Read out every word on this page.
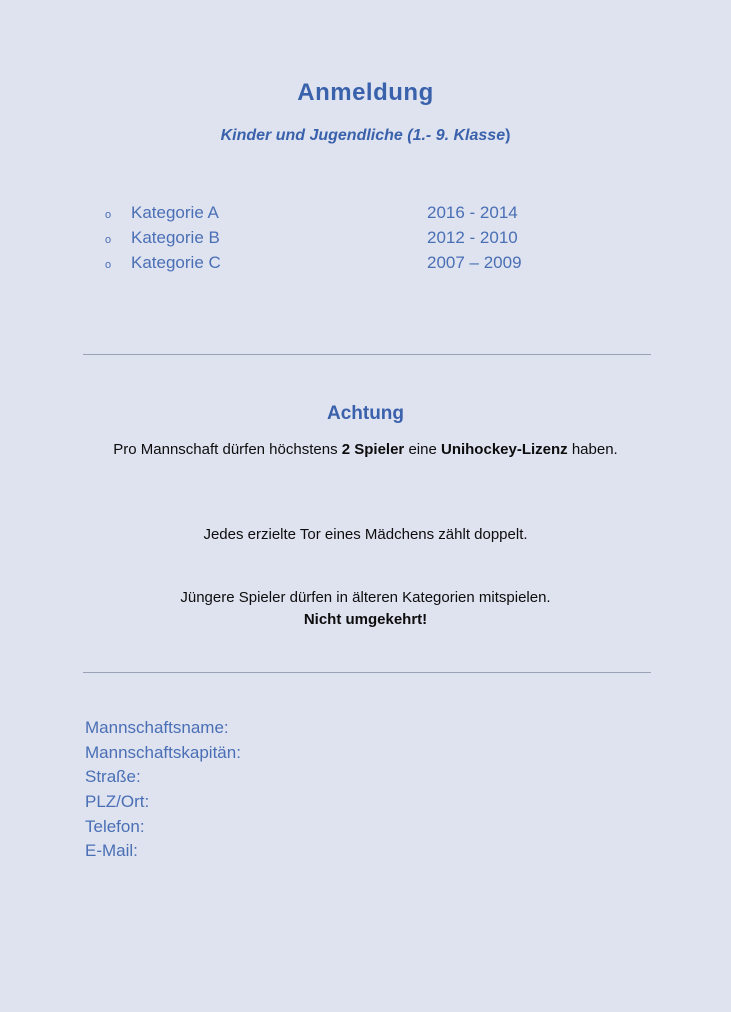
Anmeldung
Kinder und Jugendliche (1.- 9. Klasse)
o	Kategorie A	2016 - 2014
o	Kategorie B	2012 - 2010
o	Kategorie C	2007 – 2009
Achtung
Pro Mannschaft dürfen höchstens 2 Spieler eine Unihockey-Lizenz haben.
Jedes erzielte Tor eines Mädchens zählt doppelt.
Jüngere Spieler dürfen in älteren Kategorien mitspielen.
Nicht umgekehrt!
Mannschaftsname:
Mannschaftskapitän:
Straße:
PLZ/Ort:
Telefon:
E-Mail:
